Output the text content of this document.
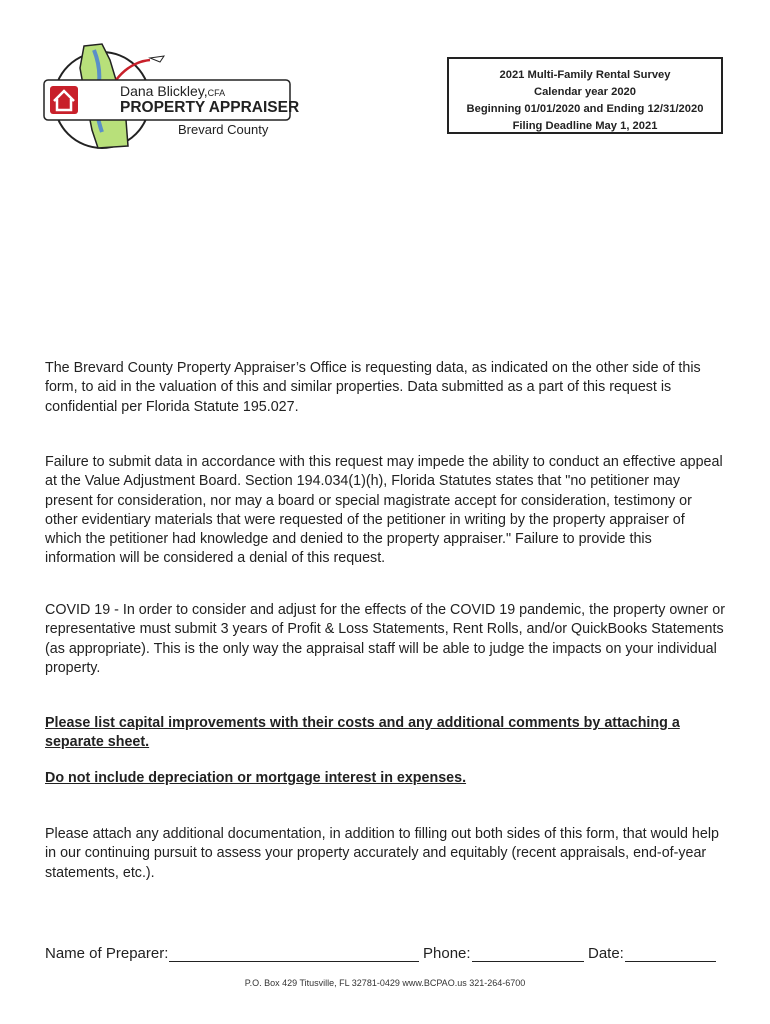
Dana Blickley,CFA
PROPERTY APPRAISER
Brevard County
2021 Multi-Family Rental Survey
Calendar year 2020
Beginning 01/01/2020 and Ending 12/31/2020
Filing Deadline May 1, 2021

The Brevard County Property Appraiser’s Office is requesting data, as indicated on the other side of this form, to aid in the valuation of this and similar properties. Data submitted as a part of this request is confidential per Florida Statute 195.027.

Failure to submit data in accordance with this request may impede the ability to conduct an effective appeal at the Value Adjustment Board. Section 194.034(1)(h), Florida Statutes states that "no petitioner may present for consideration, nor may a board or special magistrate accept for consideration, testimony or other evidentiary materials that were requested of the petitioner in writing by the property appraiser of which the petitioner had knowledge and denied to the property appraiser." Failure to provide this information will be considered a denial of this request.

COVID 19 - In order to consider and adjust for the effects of the COVID 19 pandemic, the property owner or representative must submit 3 years of Profit & Loss Statements, Rent Rolls, and/or QuickBooks Statements (as appropriate). This is the only way the appraisal staff will be able to judge the impacts on your individual property.

Please list capital improvements with their costs and any additional comments by attaching a separate sheet.

Do not include depreciation or mortgage interest in expenses.

Please attach any additional documentation, in addition to filling out both sides of this form, that would help in our continuing pursuit to assess your property accurately and equitably (recent appraisals, end-of-year statements, etc.).

Name of Preparer:	Phone:	Date:
P.O. Box 429 Titusville, FL 32781-0429 www.BCPAO.us 321-264-6700
